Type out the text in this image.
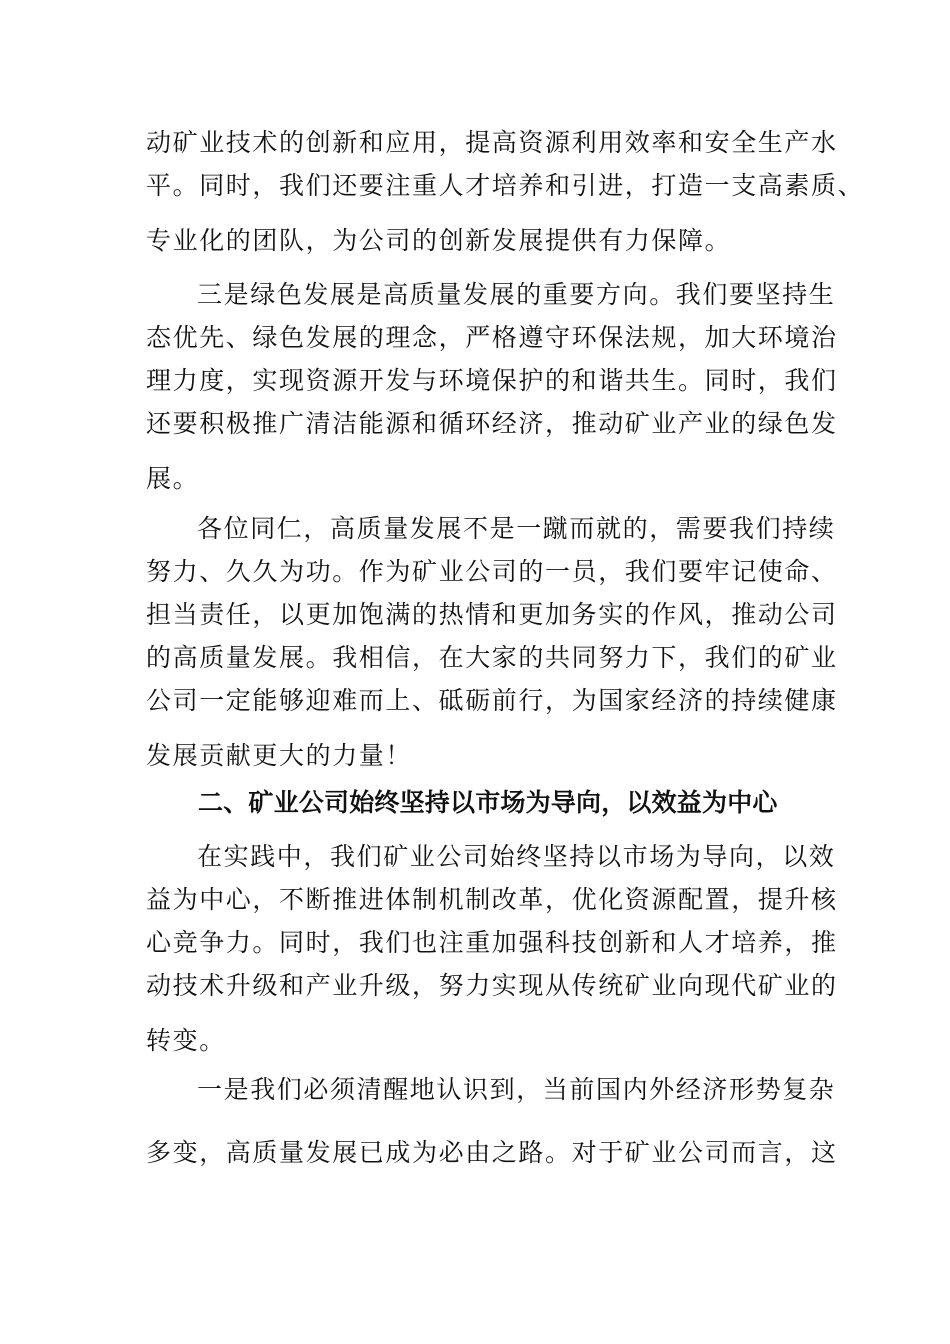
动矿业技术的创新和应用，提高资源利用效率和安全生产水
平。同时，我们还要注重人才培养和引进，打造一支高素质、
专业化的团队，为公司的创新发展提供有力保障。
三是绿色发展是高质量发展的重要方向。我们要坚持生
态优先、绿色发展的理念，严格遵守环保法规，加大环境治
理力度，实现资源开发与环境保护的和谐共生。同时，我们
还要积极推广清洁能源和循环经济，推动矿业产业的绿色发
展。
各位同仁，高质量发展不是一蹴而就的，需要我们持续
努力、久久为功。作为矿业公司的一员，我们要牢记使命、
担当责任，以更加饱满的热情和更加务实的作风，推动公司
的高质量发展。我相信，在大家的共同努力下，我们的矿业
公司一定能够迎难而上、砥砺前行，为国家经济的持续健康
发展贡献更大的力量！
二、矿业公司始终坚持以市场为导向，以效益为中心
在实践中，我们矿业公司始终坚持以市场为导向，以效
益为中心，不断推进体制机制改革，优化资源配置，提升核
心竞争力。同时，我们也注重加强科技创新和人才培养，推
动技术升级和产业升级，努力实现从传统矿业向现代矿业的
转变。
一是我们必须清醒地认识到，当前国内外经济形势复杂
多变，高质量发展已成为必由之路。对于矿业公司而言，这
